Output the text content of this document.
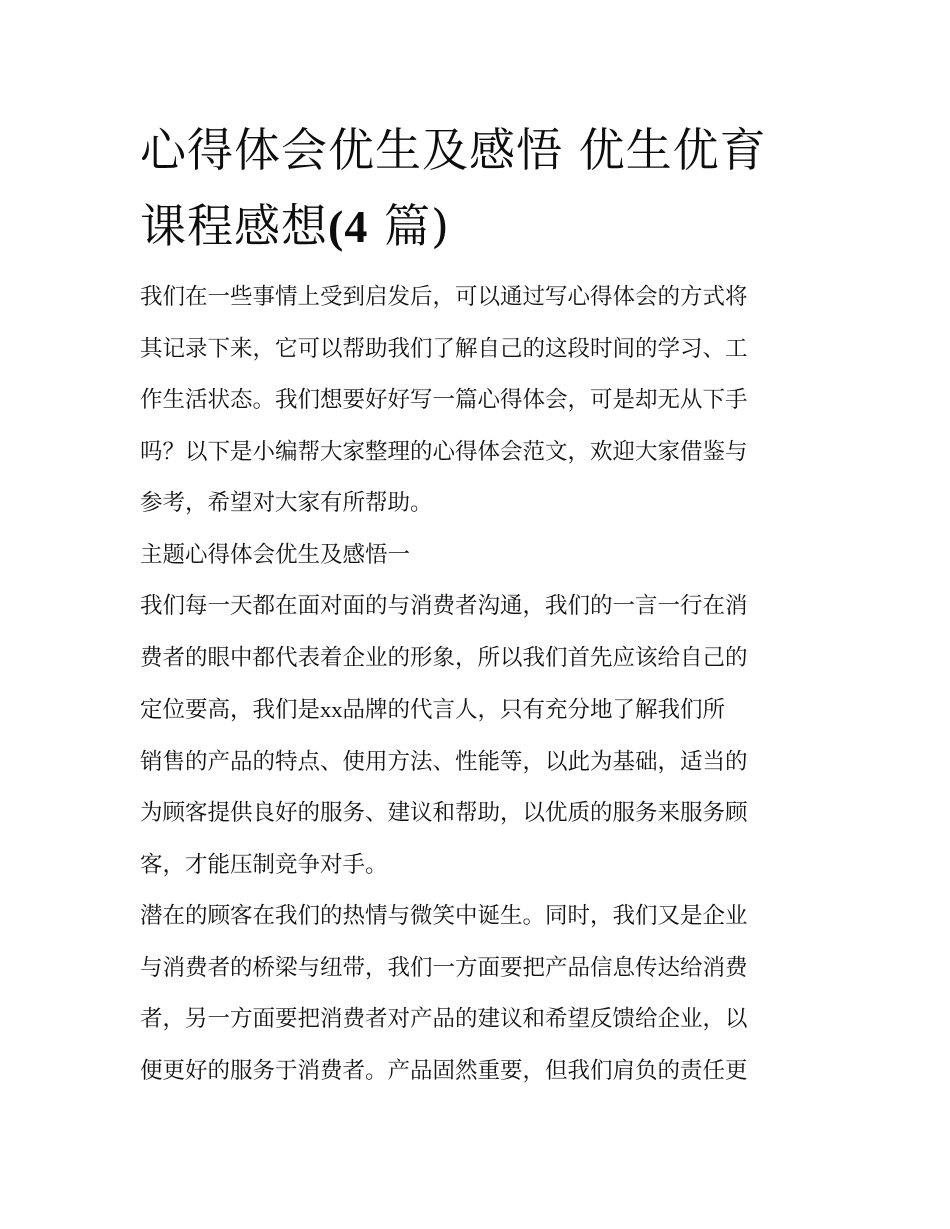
心得体会优生及感悟 优生优育
课程感想(4 篇)
我们在一些事情上受到启发后，可以通过写心得体会的方式将
其记录下来，它可以帮助我们了解自己的这段时间的学习、工
作生活状态。我们想要好好写一篇心得体会，可是却无从下手
吗？以下是小编帮大家整理的心得体会范文，欢迎大家借鉴与
参考，希望对大家有所帮助。
主题心得体会优生及感悟一
我们每一天都在面对面的与消费者沟通，我们的一言一行在消
费者的眼中都代表着企业的形象，所以我们首先应该给自己的
定位要高，我们是xx品牌的代言人，只有充分地了解我们所
销售的产品的特点、使用方法、性能等，以此为基础，适当的
为顾客提供良好的服务、建议和帮助，以优质的服务来服务顾
客，才能压制竞争对手。
潜在的顾客在我们的热情与微笑中诞生。同时，我们又是企业
与消费者的桥梁与纽带，我们一方面要把产品信息传达给消费
者，另一方面要把消费者对产品的建议和希望反馈给企业，以
便更好的服务于消费者。产品固然重要，但我们肩负的责任更
